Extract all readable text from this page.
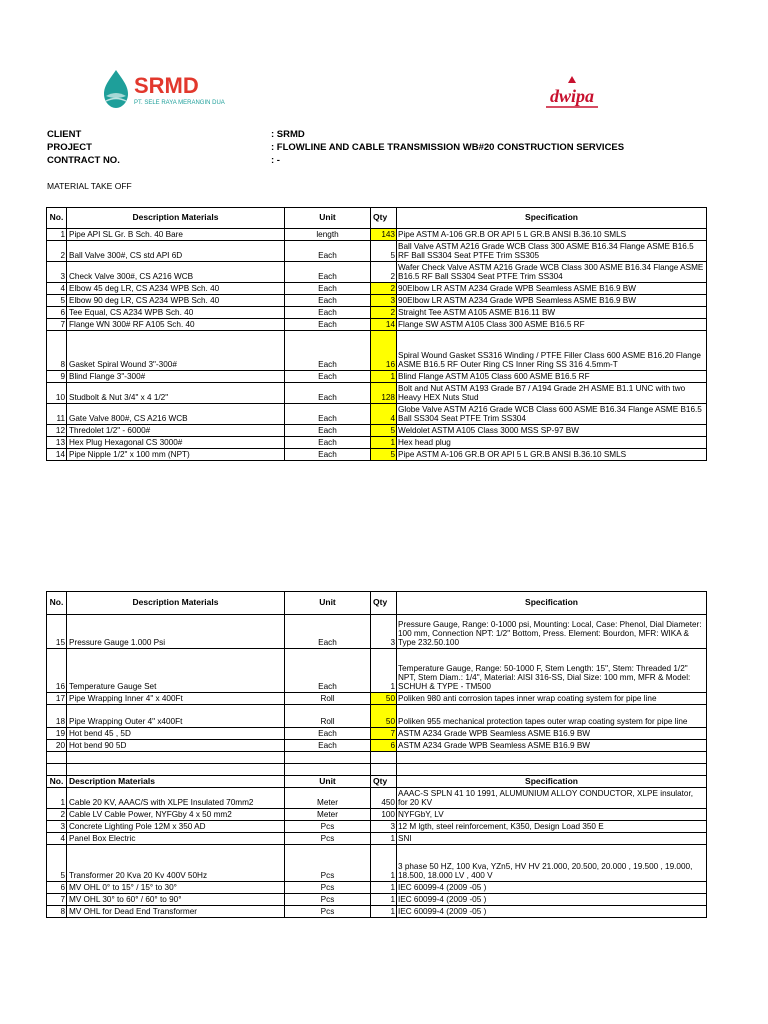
SRMD
PT. SELE RAYA MERANGIN DUA	dwipa
CLIENT	: SRMD
PROJECT	: FLOWLINE AND CABLE TRANSMISSION WB#20 CONSTRUCTION SERVICES
CONTRACT NO.	: -
MATERIAL TAKE OFF
No.	Description Materials	Unit	Qty	Specification
1	Pipe API SL Gr. B Sch. 40 Bare	length	143	Pipe ASTM A-106 GR.B OR API 5 L GR.B ANSI B.36.10 SMLS
2	Ball Valve 300#, CS std API 6D	Each	5	Ball Valve ASTM A216 Grade WCB Class 300 ASME B16.34 Flange ASME B16.5 RF Ball SS304 Seat PTFE Trim SS305
3	Check Valve 300#, CS A216 WCB	Each	2	Wafer Check Valve ASTM A216 Grade WCB Class 300 ASME B16.34 Flange ASME B16.5 RF Ball SS304 Seat PTFE Trim SS304
4	Elbow 45 deg LR, CS A234 WPB Sch. 40	Each	2	90Elbow LR ASTM A234 Grade WPB Seamless ASME B16.9 BW
5	Elbow 90 deg LR, CS A234 WPB Sch. 40	Each	3	90Elbow LR ASTM A234 Grade WPB Seamless ASME B16.9 BW
6	Tee Equal, CS A234 WPB Sch. 40	Each	2	Straight Tee ASTM A105 ASME B16.11 BW
7	Flange WN 300# RF A105 Sch. 40	Each	14	Flange SW ASTM A105 Class 300 ASME B16.5 RF
8	Gasket Spiral Wound 3"-300#	Each	16	Spiral Wound Gasket SS316 Winding / PTFE Filler Class 600 ASME B16.20 Flange ASME B16.5 RF Outer Ring CS Inner Ring SS 316 4.5mm-T
9	Blind Flange 3"-300#	Each	1	Blind Flange ASTM A105 Class 600 ASME B16.5 RF
10	Studbolt & Nut 3/4" x 4 1/2"	Each	128	Bolt and Nut ASTM A193 Grade B7 / A194 Grade 2H ASME B1.1 UNC with two Heavy HEX Nuts Stud
11	Gate Valve 800#, CS A216 WCB	Each	4	Globe Valve ASTM A216 Grade WCB Class 600 ASME B16.34 Flange ASME B16.5 Ball SS304 Seat PTFE Trim SS304
12	Thredolet 1/2" - 6000#	Each	5	Weldolet ASTM A105 Class 3000 MSS SP-97 BW
13	Hex Plug Hexagonal CS 3000#	Each	1	Hex head plug
14	Pipe Nipple 1/2" x 100 mm (NPT)	Each	5	Pipe ASTM A-106 GR.B OR API 5 L GR.B ANSI B.36.10 SMLS
No.	Description Materials	Unit	Qty	Specification
15	Pressure Gauge 1.000 Psi	Each	3	Pressure Gauge, Range: 0-1000 psi, Mounting: Local, Case: Phenol, Dial Diameter: 100 mm, Connection NPT: 1/2" Bottom, Press. Element: Bourdon, MFR: WIKA & Type 232.50.100
16	Temperature Gauge Set	Each	1	Temperature Gauge, Range: 50-1000 F, Stem Length: 15", Stem: Threaded 1/2" NPT, Stem Diam.: 1/4", Material: AISI 316-SS, Dial Size: 100 mm, MFR & Model: SCHUH & TYPE - TM500
17	Pipe Wrapping Inner 4" x 400Ft	Roll	50	Poliken 980 anti corrosion tapes inner wrap coating system for pipe line
18	Pipe Wrapping Outer 4" x400Ft	Roll	50	Poliken 955 mechanical protection tapes outer wrap coating system for pipe line
19	Hot bend 45 , 5D	Each	7	ASTM A234 Grade WPB Seamless ASME B16.9 BW
20	Hot bend 90 5D	Each	6	ASTM A234 Grade WPB Seamless ASME B16.9 BW

No.	Description Materials	Unit	Qty	Specification
1	Cable 20 KV, AAAC/S with XLPE Insulated 70mm2	Meter	450	AAAC-S SPLN 41 10 1991, ALUMUNIUM ALLOY CONDUCTOR, XLPE insulator, for 20 KV
2	Cable LV Cable Power, NYFGby 4 x 50 mm2	Meter	100	NYFGbY, LV
3	Concrete Lighting Pole 12M x 350 AD	Pcs	3	12 M lgth, steel reinforcement, K350, Design Load 350 E
4	Panel Box Electric	Pcs	1	SNI
5	Transformer 20 Kva 20 Kv 400V 50Hz	Pcs	1	3 phase 50 HZ, 100 Kva, YZn5, HV HV 21.000, 20.500, 20.000 , 19.500 , 19.000, 18.500, 18.000 LV , 400 V
6	MV OHL 0° to 15° / 15° to 30°	Pcs	1	IEC 60099-4 (2009 -05 )
7	MV OHL 30° to 60° / 60° to 90°	Pcs	1	IEC 60099-4 (2009 -05 )
8	MV OHL for Dead End Transformer	Pcs	1	IEC 60099-4 (2009 -05 )
